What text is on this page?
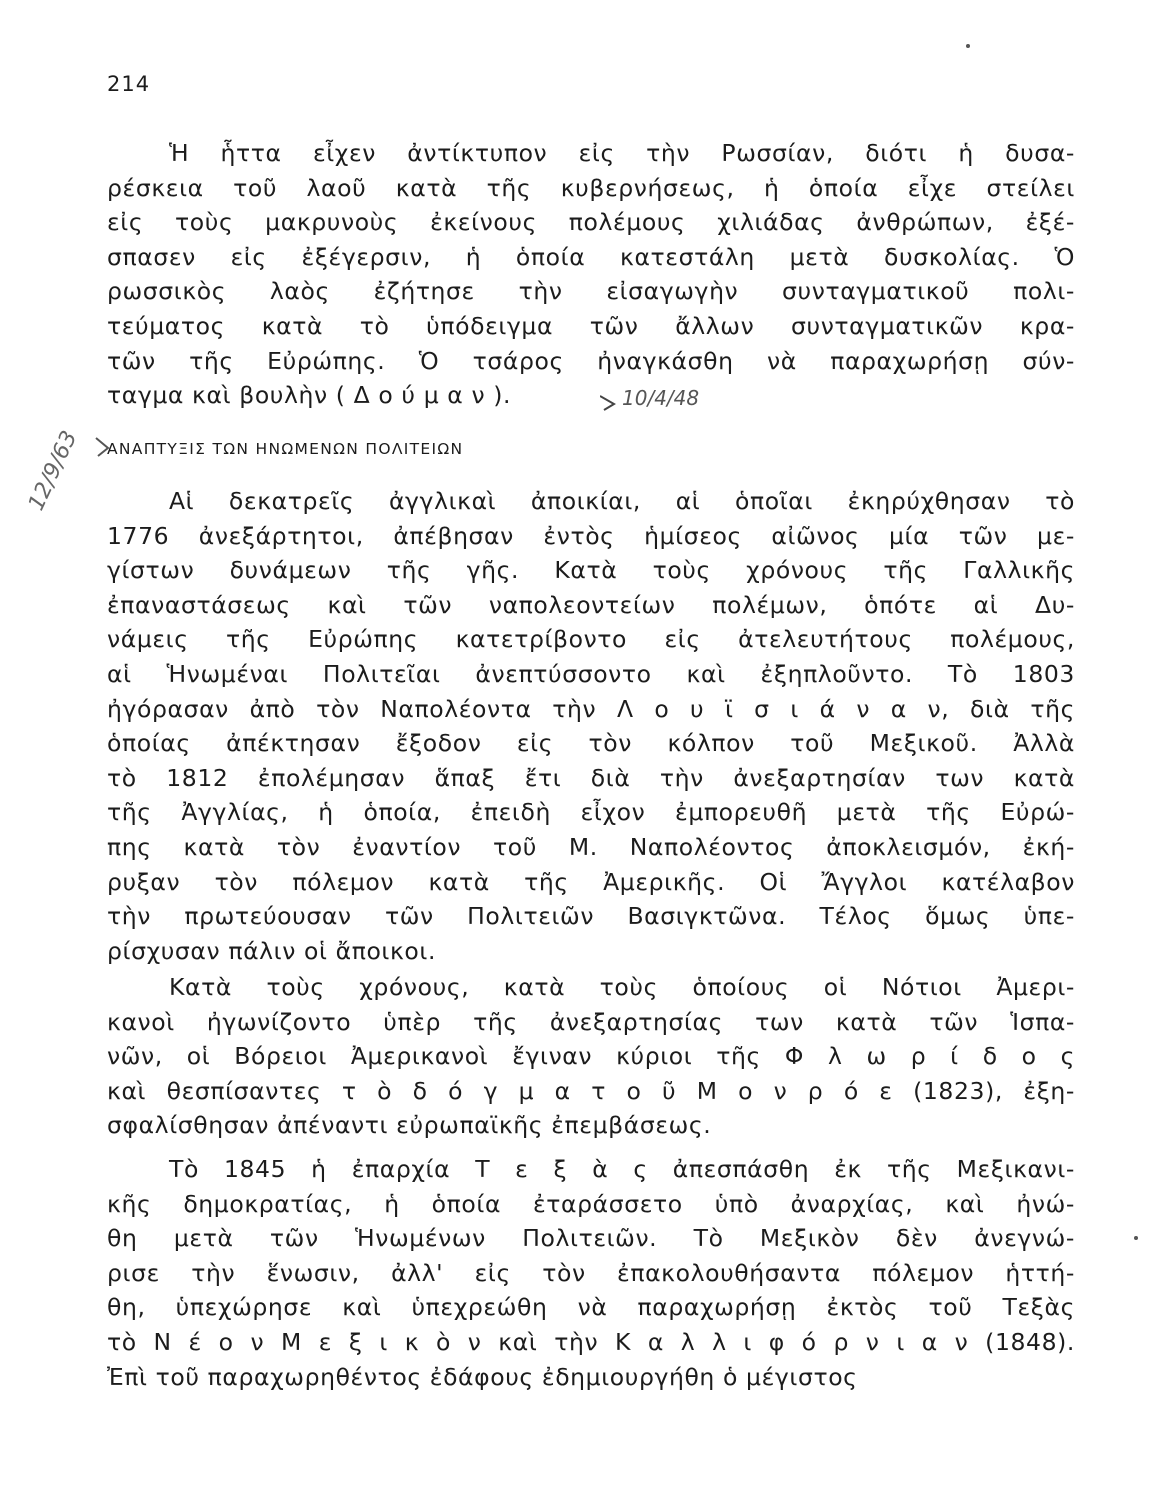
214
Ἡ ἧττα εἶχεν ἀντίκτυπον εἰς τὴν Ρωσσίαν, διότι ἡ δυσα-
ρέσκεια τοῦ λαοῦ κατὰ τῆς κυβερνήσεως, ἡ ὁποία εἶχε στείλει
εἰς τοὺς μακρυνοὺς ἐκείνους πολέμους χιλιάδας ἀνθρώπων, ἐξέ-
σπασεν εἰς ἐξέγερσιν, ἡ ὁποία κατεστάλη μετὰ δυσκολίας. Ὁ
ρωσσικὸς λαὸς ἐζήτησε τὴν εἰσαγωγὴν συνταγματικοῦ πολι-
τεύματος κατὰ τὸ ὑπόδειγμα τῶν ἄλλων συνταγματικῶν κρα-
τῶν τῆς Εὐρώπης. Ὁ τσάρος ἠναγκάσθη νὰ παραχωρήσῃ σύν-
ταγμα καὶ βουλὴν ( Δ ο ύ μ α ν ).	10/4/48
12/9/63 ΑΝΑΠΤΥΞΙΣ ΤΩΝ ΗΝΩΜΕΝΩΝ ΠΟΛΙΤΕΙΩΝ
Αἱ δεκατρεῖς ἀγγλικαὶ ἀποικίαι, αἱ ὁποῖαι ἐκηρύχθησαν τὸ
1776 ἀνεξάρτητοι, ἀπέβησαν ἐντὸς ἡμίσεος αἰῶνος μία τῶν με-
γίστων δυνάμεων τῆς γῆς. Κατὰ τοὺς χρόνους τῆς Γαλλικῆς
ἐπαναστάσεως καὶ τῶν ναπολεοντείων πολέμων, ὁπότε αἱ Δυ-
νάμεις τῆς Εὐρώπης κατετρίβοντο εἰς ἀτελευτήτους πολέμους,
αἱ Ἡνωμέναι Πολιτεῖαι ἀνεπτύσσοντο καὶ ἐξηπλοῦντο. Τὸ 1803
ἠγόρασαν ἀπὸ τὸν Ναπολέοντα τὴν Λ ο υ ϊ σ ι ά ν α ν, διὰ τῆς
ὁποίας ἀπέκτησαν ἔξοδον εἰς τὸν κόλπον τοῦ Μεξικοῦ. Ἀλλὰ
τὸ 1812 ἐπολέμησαν ἅπαξ ἔτι διὰ τὴν ἀνεξαρτησίαν των κατὰ
τῆς Ἀγγλίας, ἡ ὁποία, ἐπειδὴ εἶχον ἐμπορευθῆ μετὰ τῆς Εὐρώ-
πης κατὰ τὸν ἐναντίον τοῦ Μ. Ναπολέοντος ἀποκλεισμόν, ἐκή-
ρυξαν τὸν πόλεμον κατὰ τῆς Ἀμερικῆς. Οἱ Ἄγγλοι κατέλαβον
τὴν πρωτεύουσαν τῶν Πολιτειῶν Βασιγκτῶνα. Τέλος ὅμως ὑπε-
ρίσχυσαν πάλιν οἱ ἄποικοι.
Κατὰ τοὺς χρόνους, κατὰ τοὺς ὁποίους οἱ Νότιοι Ἀμερι-
κανοὶ ἠγωνίζοντο ὑπὲρ τῆς ἀνεξαρτησίας των κατὰ τῶν Ἱσπα-
νῶν, οἱ Βόρειοι Ἀμερικανοὶ ἔγιναν κύριοι τῆς Φ λ ω ρ ί δ ο ς
καὶ θεσπίσαντες τ ὸ δ ό γ μ α τ ο ῦ Μ ο ν ρ ό ε (1823), ἐξη-
σφαλίσθησαν ἀπέναντι εὐρωπαϊκῆς ἐπεμβάσεως.
Τὸ 1845 ἡ ἐπαρχία Τ ε ξ ὰ ς ἀπεσπάσθη ἐκ τῆς Μεξικανι-
κῆς δημοκρατίας, ἡ ὁποία ἐταράσσετο ὑπὸ ἀναρχίας, καὶ ἠνώ-
θη μετὰ τῶν Ἡνωμένων Πολιτειῶν. Τὸ Μεξικὸν δὲν ἀνεγνώ-
ρισε τὴν ἕνωσιν, ἀλλ' εἰς τὸν ἐπακολουθήσαντα πόλεμον ἡττή-
θη, ὑπεχώρησε καὶ ὑπεχρεώθη νὰ παραχωρήσῃ ἐκτὸς τοῦ Τεξὰς
τὸ Ν έ ο ν Μ ε ξ ι κ ὸ ν καὶ τὴν Κ α λ λ ι φ ό ρ ν ι α ν (1848).
Ἐπὶ τοῦ παραχωρηθέντος ἐδάφους ἐδημιουργήθη ὁ μέγιστος
